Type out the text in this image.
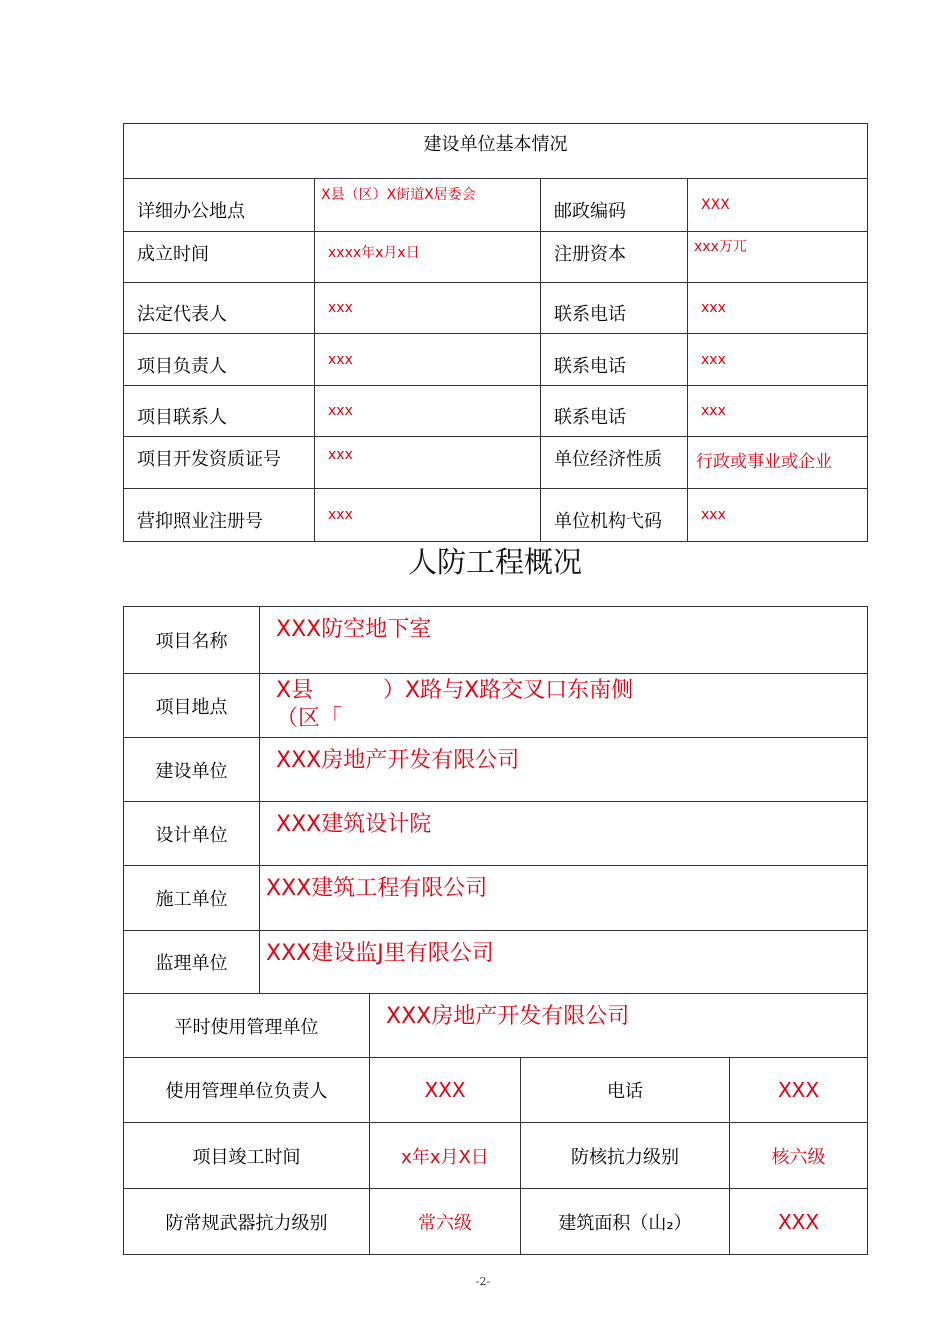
建设单位基本情况			
详细办公地点	X县（区）X街道X居委会	邮政编码	XXX
成立时间	xxxx年x月x日	注册资本	xxx万兀
法定代表人	xxx	联系电话	xxx
项目负责人	xxx	联系电话	xxx
项目联系人	xxx	联系电话	xxx
项目开发资质证号	xxx	单位经济性质	行政或事业或企业
营抑照业注册号	xxx	单位机构弋码	xxx
人防工程概况
项目名称	XXX防空地下室			
项目地点	X县          ）X路与X路交叉口东南侧
（区「			

建设单位	XXX房地产开发有限公司			
设计单位	XXX建筑设计院			
施工单位	XXX建筑工程有限公司			
监理单位	XXX建设监J里有限公司			
平时使用管理单位		XXX房地产开发有限公司		
使用管理单位负责人		XXX	电话	XXX
项目竣工时间		x年x月X日	防核抗力级别	核六级
防常规武器抗力级别		常六级	建筑面积（山₂）	XXX
-2-
